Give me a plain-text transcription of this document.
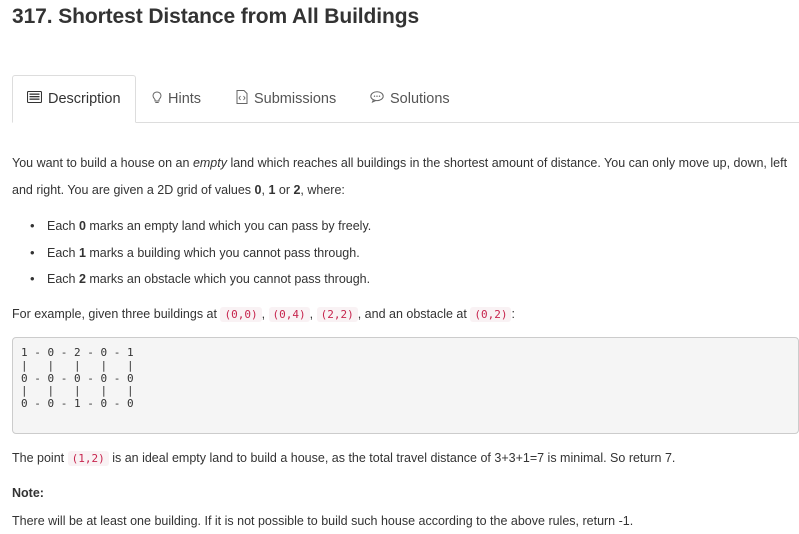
317. Shortest Distance from All Buildings
Description	Hints	Submissions	Solutions
You want to build a house on an empty land which reaches all buildings in the shortest amount of distance. You can only move up, down, left
and right. You are given a 2D grid of values 0, 1 or 2, where:
• Each 0 marks an empty land which you can pass by freely.
• Each 1 marks a building which you cannot pass through.
• Each 2 marks an obstacle which you cannot pass through.
For example, given three buildings at (0,0) , (0,4) , (2,2) , and an obstacle at (0,2) :
1 - 0 - 2 - 0 - 1
|   |   |   |   |
0 - 0 - 0 - 0 - 0
|   |   |   |   |
0 - 0 - 1 - 0 - 0
The point (1,2) is an ideal empty land to build a house, as the total travel distance of 3+3+1=7 is minimal. So return 7.
Note:
There will be at least one building. If it is not possible to build such house according to the above rules, return -1.
